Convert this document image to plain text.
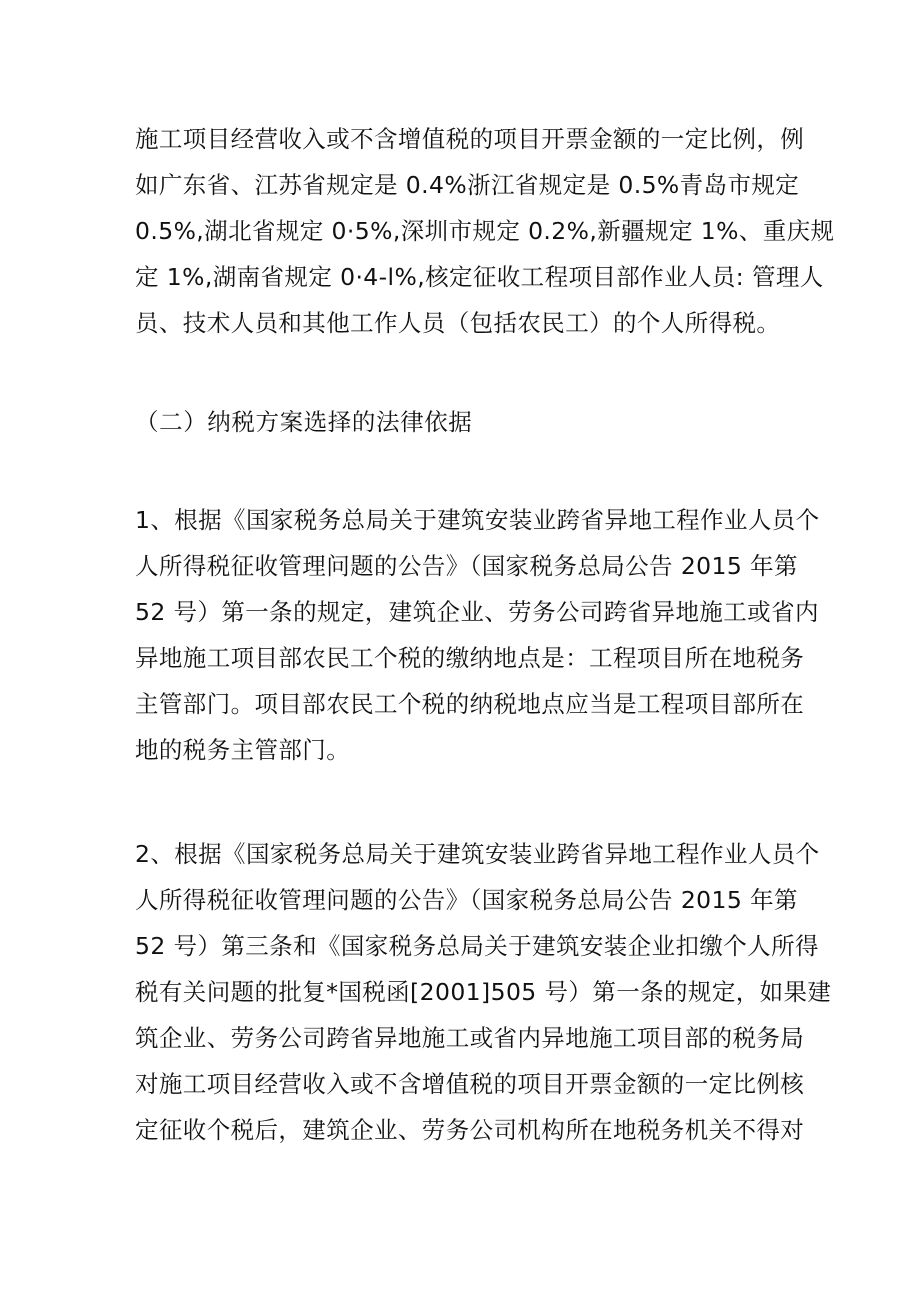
施工项目经营收入或不含增值税的项目开票金额的一定比例，例
如广东省、江苏省规定是 0.4%浙江省规定是 0.5%青岛市规定
0.5%,湖北省规定 0·5%,深圳市规定 0.2%,新疆规定 1%、重庆规
定 1%,湖南省规定 0·4-l%,核定征收工程项目部作业人员: 管理人
员、技术人员和其他工作人员（包括农民工）的个人所得税。
（二）纳税方案选择的法律依据
1、根据《国家税务总局关于建筑安装业跨省异地工程作业人员个
人所得税征收管理问题的公告》（国家税务总局公告 2015 年第
52 号）第一条的规定，建筑企业、劳务公司跨省异地施工或省内
异地施工项目部农民工个税的缴纳地点是：工程项目所在地税务
主管部门。项目部农民工个税的纳税地点应当是工程项目部所在
地的税务主管部门。
2、根据《国家税务总局关于建筑安装业跨省异地工程作业人员个
人所得税征收管理问题的公告》（国家税务总局公告 2015 年第
52 号）第三条和《国家税务总局关于建筑安装企业扣缴个人所得
税有关问题的批复*国税函[2001]505 号）第一条的规定，如果建
筑企业、劳务公司跨省异地施工或省内异地施工项目部的税务局
对施工项目经营收入或不含增值税的项目开票金额的一定比例核
定征收个税后，建筑企业、劳务公司机构所在地税务机关不得对
